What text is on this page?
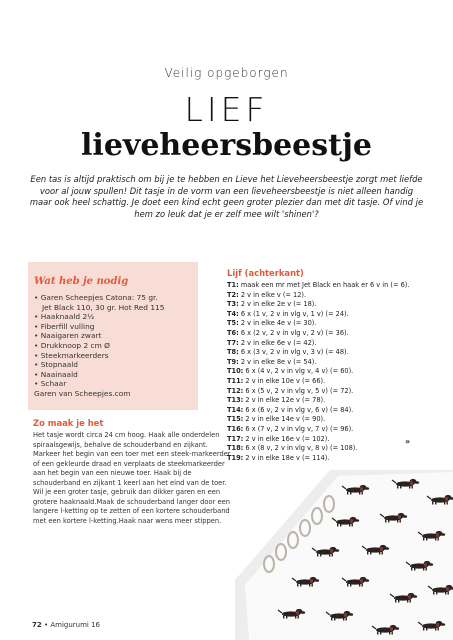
Veilig opgeborgen
LIEF
lieveheersbeestje
Een tas is altijd praktisch om bij je te hebben en Lieve het Lieveheersbeestje zorgt met liefde voor al jouw spullen! Dit tasje in de vorm van een lieveheersbeestje is niet alleen handig maar ook heel schattig. Je doet een kind echt geen groter plezier dan met dit tasje. Of vind je hem zo leuk dat je er zelf mee wilt 'shinen'?
Wat heb je nodig
• Garen Scheepjes Catona: 75 gr.
Jet Black 110, 30 gr. Hot Red 115
• Haaknaald 2½
• Fiberfill vulling
• Naaigaren zwart
• Drukknoop 2 cm Ø
• Steekmarkeerders
• Stopnaald
• Naainaald
• Schaar
Garen van Scheepjes.com
Zo maak je het
Het tasje wordt circa 24 cm hoog. Haak alle onderdelen spiraalsgewijs, behalve de schouderband en zijkant. Markeer het begin van een toer met een steek-markeerder of een gekleurde draad en verplaats de steekmarkeerder aan het begin van een nieuwe toer. Haak bij de schouderband en zijkant 1 keerl aan het eind van de toer. Wil je een groter tasje, gebruik dan dikker garen en een grotere haaknaald.Maak de schouderband langer door een langere l-ketting op te zetten of een kortere schouderband met een kortere l-ketting.Haak naar wens meer stippen.
Lijf (achterkant)
T1: maak een mr met Jet Black en haak er 6 v in (= 6).
T2: 2 v in elke v (= 12).
T3: 2 v in elke 2e v (= 18).
T4: 6 x (1 v, 2 v in vlg v, 1 v) (= 24).
T5: 2 v in elke 4e v (= 30).
T6: 6 x (2 v, 2 v in vlg v, 2 v) (= 36).
T7: 2 v in elke 6e v (= 42).
T8: 6 x (3 v, 2 v in vlg v, 3 v) (= 48).
T9: 2 v in elke 8e v (= 54).
T10: 6 x (4 v, 2 v in vlg v, 4 v) (= 60).
T11: 2 v in elke 10e v (= 66).
T12: 6 x (5 v, 2 v in vlg v, 5 v) (= 72).
T13: 2 v in elke 12e v (= 78).
T14: 6 x (6 v, 2 v in vlg v, 6 v) (= 84).
T15: 2 v in elke 14e v (= 90).
T16: 6 x (7 v, 2 v in vlg v, 7 v) (= 96).
T17: 2 v in elke 16e v (= 102).
T18: 6 x (8 v, 2 v in vlg v, 8 v) (= 108).
T19: 2 v in elke 18e v (= 114).
»
72 • Amigurumi 16
